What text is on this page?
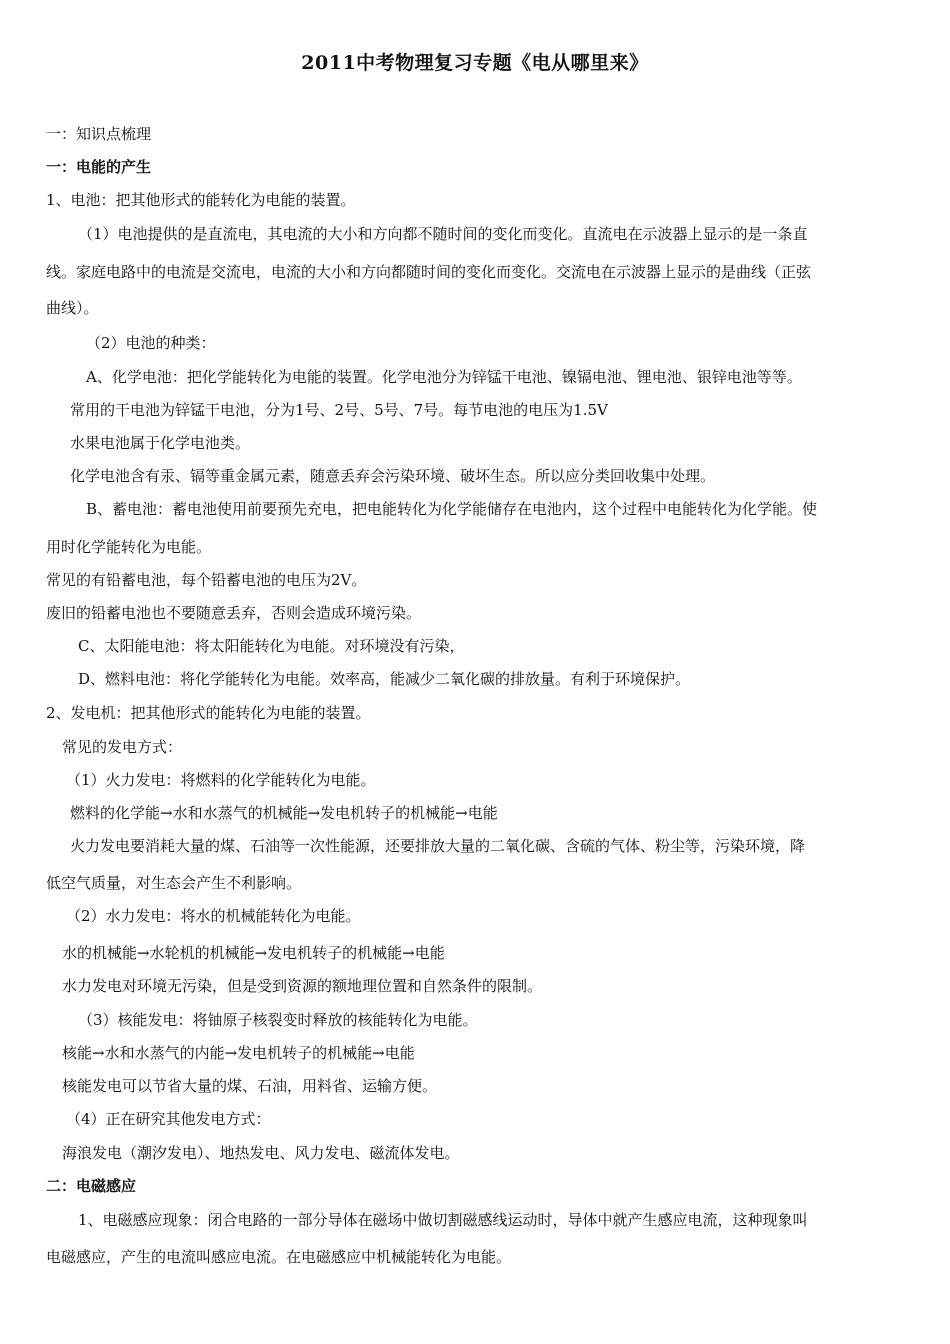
2011中考物理复习专题《电从哪里来》

一：知识点梳理

一：电能的产生

1、电池：把其他形式的能转化为电能的装置。

（1）电池提供的是直流电，其电流的大小和方向都不随时间的变化而变化。直流电在示波器上显示的是一条直

线。家庭电路中的电流是交流电，电流的大小和方向都随时间的变化而变化。交流电在示波器上显示的是曲线（正弦

曲线）。

（2）电池的种类：

A、化学电池：把化学能转化为电能的装置。化学电池分为锌锰干电池、镍镉电池、锂电池、银锌电池等等。

常用的干电池为锌锰干电池，分为1号、2号、5号、7号。每节电池的电压为1.5V

水果电池属于化学电池类。

化学电池含有汞、镉等重金属元素，随意丢弃会污染环境、破坏生态。所以应分类回收集中处理。

B、蓄电池：蓄电池使用前要预先充电，把电能转化为化学能储存在电池内，这个过程中电能转化为化学能。使

用时化学能转化为电能。

常见的有铅蓄电池，每个铅蓄电池的电压为2V。

废旧的铅蓄电池也不要随意丢弃，否则会造成环境污染。

C、太阳能电池：将太阳能转化为电能。对环境没有污染，

D、燃料电池：将化学能转化为电能。效率高，能减少二氧化碳的排放量。有利于环境保护。

2、发电机：把其他形式的能转化为电能的装置。

常见的发电方式：

（1）火力发电：将燃料的化学能转化为电能。

燃料的化学能→水和水蒸气的机械能→发电机转子的机械能→电能

火力发电要消耗大量的煤、石油等一次性能源，还要排放大量的二氧化碳、含硫的气体、粉尘等，污染环境，降

低空气质量，对生态会产生不利影响。

（2）水力发电：将水的机械能转化为电能。

水的机械能→水轮机的机械能→发电机转子的机械能→电能

水力发电对环境无污染，但是受到资源的额地理位置和自然条件的限制。

（3）核能发电：将铀原子核裂变时释放的核能转化为电能。

核能→水和水蒸气的内能→发电机转子的机械能→电能

核能发电可以节省大量的煤、石油，用料省、运输方便。

（4）正在研究其他发电方式：

海浪发电（潮汐发电）、地热发电、风力发电、磁流体发电。

二：电磁感应

1、电磁感应现象：闭合电路的一部分导体在磁场中做切割磁感线运动时，导体中就产生感应电流，这种现象叫

电磁感应，产生的电流叫感应电流。在电磁感应中机械能转化为电能。
